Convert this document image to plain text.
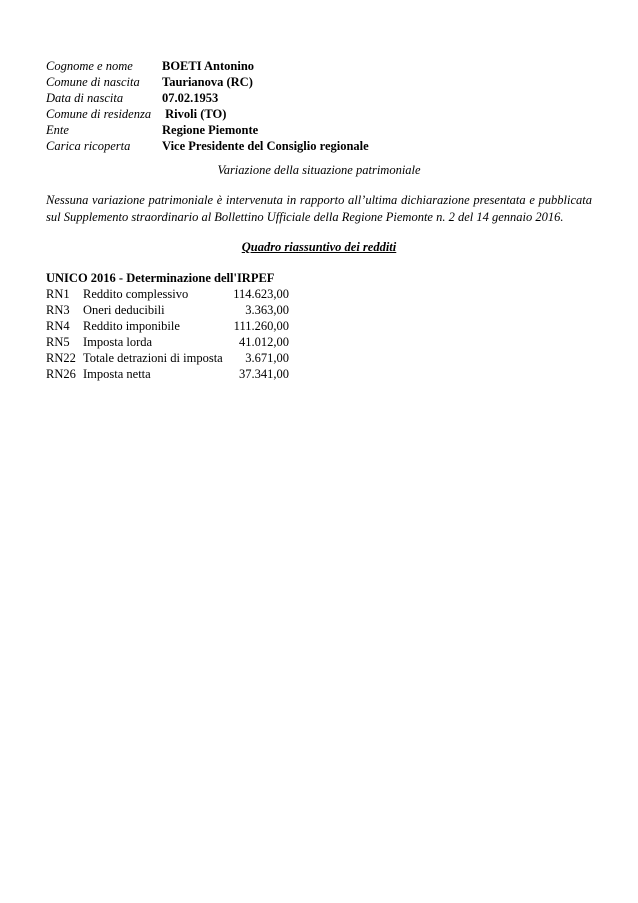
Cognome e nome	BOETI Antonino
Comune di nascita	Taurianova (RC)
Data di nascita	07.02.1953
Comune di residenza	Rivoli (TO)
Ente	Regione Piemonte
Carica ricoperta	Vice Presidente del Consiglio regionale
Variazione della situazione patrimoniale

Nessuna variazione patrimoniale è intervenuta in rapporto all’ultima dichiarazione presentata e pubblicata sul Supplemento straordinario al Bollettino Ufficiale della Regione Piemonte n. 2 del 14 gennaio 2016.

Quadro riassuntivo dei redditi
UNICO 2016 - Determinazione dell'IRPEF
RN1	Reddito complessivo	114.623,00
RN3	Oneri deducibili	3.363,00
RN4	Reddito imponibile	111.260,00
RN5	Imposta lorda	41.012,00
RN22	Totale detrazioni di imposta	3.671,00
RN26	Imposta netta	37.341,00
